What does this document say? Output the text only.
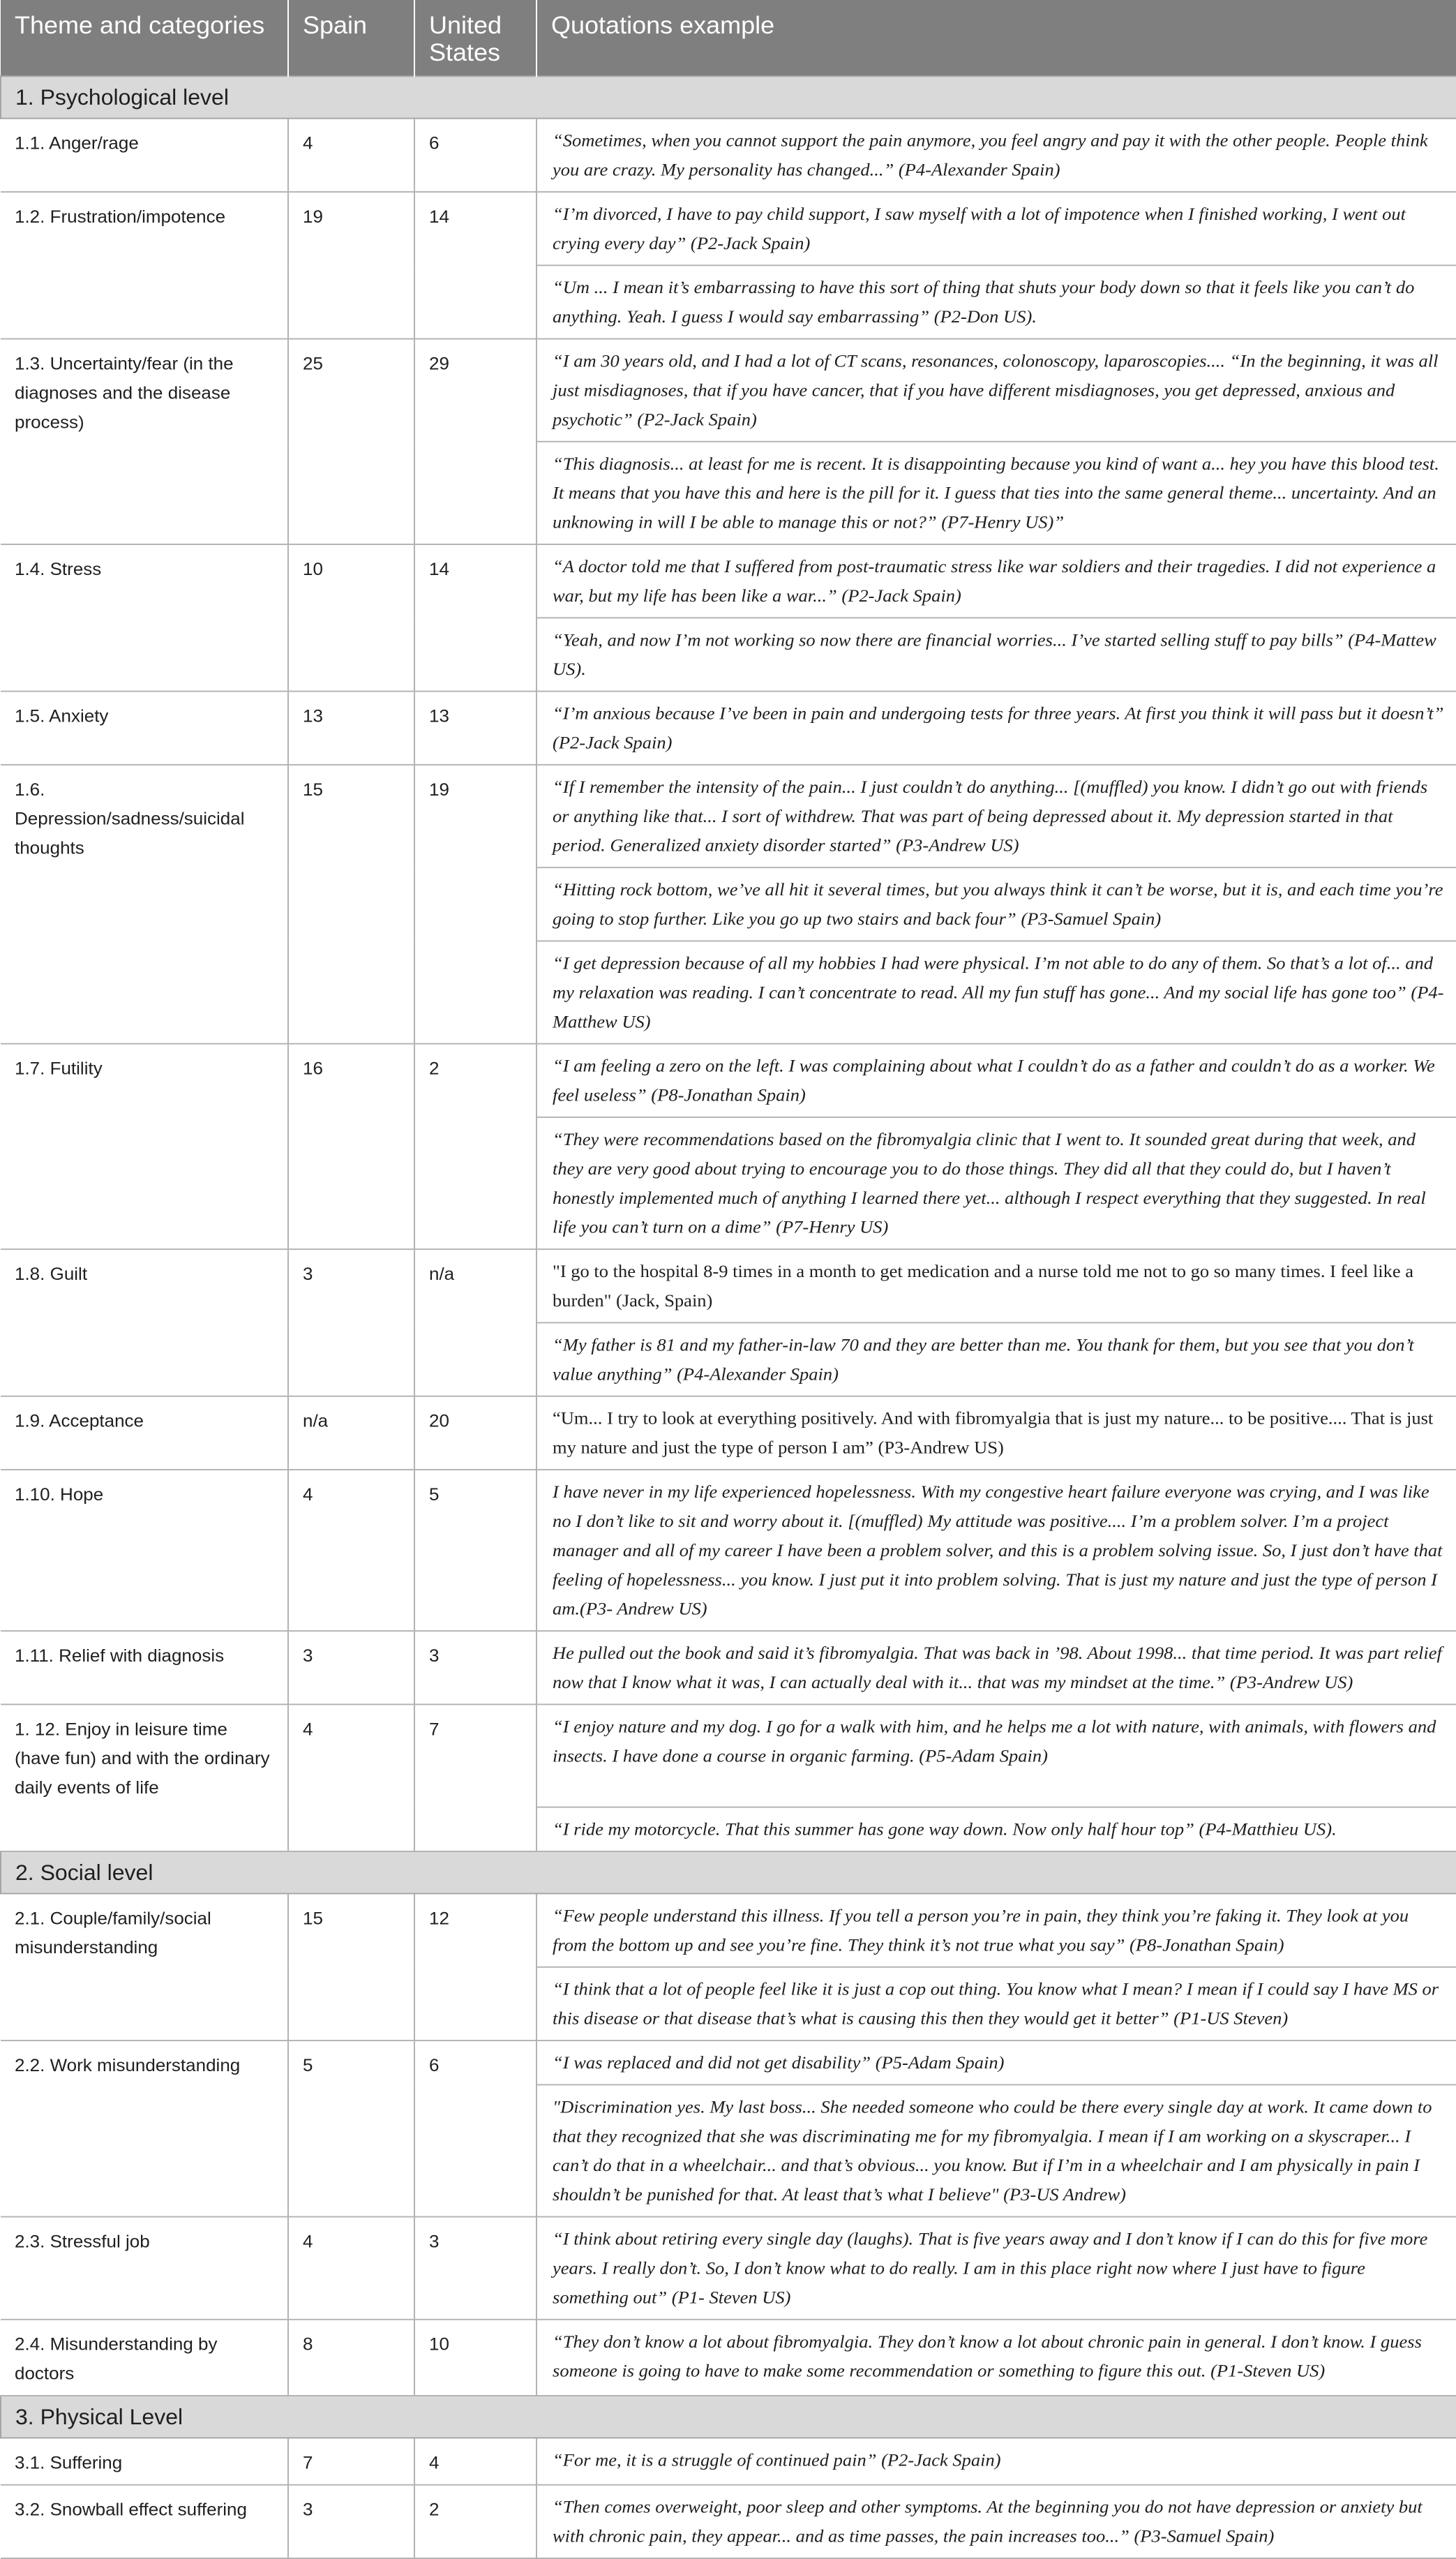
Theme and categories	Spain	United States	Quotations example
1. Psychological level			
1.1. Anger/rage	4	6	“Sometimes, when you cannot support the pain anymore, you feel angry and pay it with the other people. People think you are crazy. My personality has changed...” (P4-Alexander Spain)
1.2. Frustration/impotence	19	14	“I’m divorced, I have to pay child support, I saw myself with a lot of impotence when I finished working, I went out crying every day” (P2-Jack Spain)
			“Um ... I mean it’s embarrassing to have this sort of thing that shuts your body down so that it feels like you can’t do anything. Yeah. I guess I would say embarrassing” (P2-Don US).
1.3. Uncertainty/fear (in the diagnoses and the disease process)	25	29	“I am 30 years old, and I had a lot of CT scans, resonances, colonoscopy, laparoscopies.... “In the beginning, it was all just misdiagnoses, that if you have cancer, that if you have different misdiagnoses, you get depressed, anxious and psychotic” (P2-Jack Spain)
			“This diagnosis... at least for me is recent. It is disappointing because you kind of want a... hey you have this blood test. It means that you have this and here is the pill for it. I guess that ties into the same general theme... uncertainty. And an unknowing in will I be able to manage this or not?” (P7-Henry US)”
1.4. Stress	10	14	“A doctor told me that I suffered from post-traumatic stress like war soldiers and their tragedies. I did not experience a war, but my life has been like a war...” (P2-Jack Spain)
			“Yeah, and now I’m not working so now there are financial worries... I’ve started selling stuff to pay bills” (P4-Mattew US).
1.5. Anxiety	13	13	“I’m anxious because I’ve been in pain and undergoing tests for three years. At first you think it will pass but it doesn’t” (P2-Jack Spain)
1.6. Depression/sadness/suicidal thoughts	15	19	“If I remember the intensity of the pain... I just couldn’t do anything... [(muffled) you know. I didn’t go out with friends or anything like that... I sort of withdrew. That was part of being depressed about it. My depression started in that period. Generalized anxiety disorder started” (P3-Andrew US)
			“Hitting rock bottom, we’ve all hit it several times, but you always think it can’t be worse, but it is, and each time you’re going to stop further. Like you go up two stairs and back four” (P3-Samuel Spain)
			“I get depression because of all my hobbies I had were physical. I’m not able to do any of them. So that’s a lot of... and my relaxation was reading. I can’t concentrate to read. All my fun stuff has gone... And my social life has gone too” (P4-Matthew US)
1.7. Futility	16	2	“I am feeling a zero on the left. I was complaining about what I couldn’t do as a father and couldn’t do as a worker. We feel useless” (P8-Jonathan Spain)
			“They were recommendations based on the fibromyalgia clinic that I went to. It sounded great during that week, and they are very good about trying to encourage you to do those things. They did all that they could do, but I haven’t honestly implemented much of anything I learned there yet... although I respect everything that they suggested. In real life you can’t turn on a dime” (P7-Henry US)
1.8. Guilt	3	n/a	"I go to the hospital 8-9 times in a month to get medication and a nurse told me not to go so many times. I feel like a burden" (Jack, Spain)
			“My father is 81 and my father-in-law 70 and they are better than me. You thank for them, but you see that you don’t value anything” (P4-Alexander Spain)
1.9. Acceptance	n/a	20	“Um... I try to look at everything positively. And with fibromyalgia that is just my nature... to be positive.... That is just my nature and just the type of person I am” (P3-Andrew US)
1.10. Hope	4	5	I have never in my life experienced hopelessness. With my congestive heart failure everyone was crying, and I was like no I don’t like to sit and worry about it. [(muffled) My attitude was positive.... I’m a problem solver. I’m a project manager and all of my career I have been a problem solver, and this is a problem solving issue. So, I just don’t have that feeling of hopelessness... you know. I just put it into problem solving. That is just my nature and just the type of person I am.(P3- Andrew US)
1.11. Relief with diagnosis	3	3	He pulled out the book and said it’s fibromyalgia. That was back in ’98. About 1998... that time period. It was part relief now that I know what it was, I can actually deal with it... that was my mindset at the time.” (P3-Andrew US)
1. 12. Enjoy in leisure time (have fun) and with the ordinary daily events of life	4	7	“I enjoy nature and my dog. I go for a walk with him, and he helps me a lot with nature, with animals, with flowers and insects. I have done a course in organic farming. (P5-Adam Spain)
			“I ride my motorcycle. That this summer has gone way down. Now only half hour top” (P4-Matthieu US).
2. Social level			
2.1. Couple/family/social misunderstanding	15	12	“Few people understand this illness. If you tell a person you’re in pain, they think you’re faking it. They look at you from the bottom up and see you’re fine. They think it’s not true what you say” (P8-Jonathan Spain)
			“I think that a lot of people feel like it is just a cop out thing. You know what I mean? I mean if I could say I have MS or this disease or that disease that’s what is causing this then they would get it better” (P1-US Steven)
2.2. Work misunderstanding	5	6	“I was replaced and did not get disability” (P5-Adam Spain)
			"Discrimination yes. My last boss... She needed someone who could be there every single day at work. It came down to that they recognized that she was discriminating me for my fibromyalgia. I mean if I am working on a skyscraper... I can’t do that in a wheelchair... and that’s obvious... you know. But if I’m in a wheelchair and I am physically in pain I shouldn’t be punished for that. At least that’s what I believe" (P3-US Andrew)
2.3. Stressful job	4	3	“I think about retiring every single day (laughs). That is five years away and I don’t know if I can do this for five more years. I really don’t. So, I don’t know what to do really. I am in this place right now where I just have to figure something out” (P1- Steven US)
2.4. Misunderstanding by doctors	8	10	“They don’t know a lot about fibromyalgia. They don’t know a lot about chronic pain in general. I don’t know. I guess someone is going to have to make some recommendation or something to figure this out. (P1-Steven US)
3. Physical Level			
3.1. Suffering	7	4	“For me, it is a struggle of continued pain” (P2-Jack Spain)
3.2. Snowball effect suffering	3	2	“Then comes overweight, poor sleep and other symptoms. At the beginning you do not have depression or anxiety but with chronic pain, they appear... and as time passes, the pain increases too...” (P3-Samuel Spain)
